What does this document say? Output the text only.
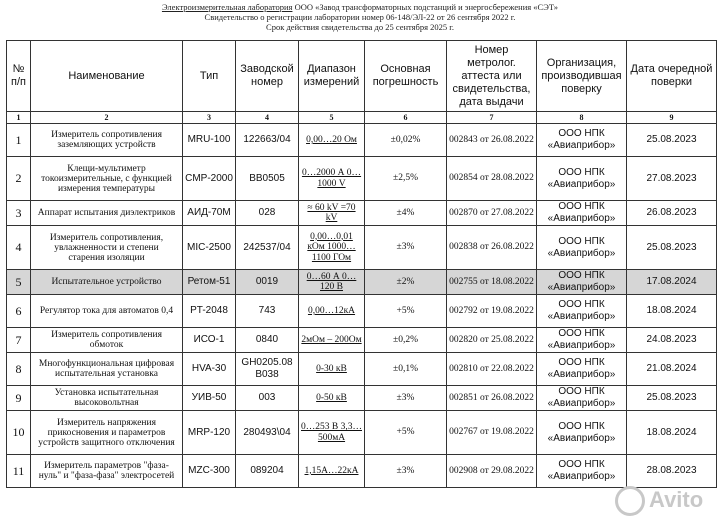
Электроизмерительная лаборатория ООО «Завод трансформаторных подстанций и энергосбережения «СЭТ»
Свидетельство о регистрации лаборатории номер 06-148/ЭЛ-22 от 26 сентября 2022 г.
Срок действия свидетельства до 25 сентября 2025 г.
№ п/п	Наименование	Тип	Заводской номер	Диапазон измерений	Основная погрешность	Номер метролог. аттеста или свидетельства, дата выдачи	Организация, производившая поверку	Дата очередной поверки
1	2	3	4	5	6	7	8	9
1	Измеритель сопротивления заземляющих устройств	MRU-100	122663/04	0,00…20 Ом	±0,02%	002843 от 26.08.2022	ООО НПК «Авиаприбор»	25.08.2023
2	Клещи-мультиметр токоизмерительные, с функцией измерения температуры	CMP-2000	BB0505	0…2000 А 0…1000 V	±2,5%	002854 от 28.08.2022	ООО НПК «Авиаприбор»	27.08.2023
3	Аппарат испытания диэлектриков	АИД-70М	028	≈ 60 kV =70 kV	±4%	002870 от 27.08.2022	ООО НПК «Авиаприбор»	26.08.2023
4	Измеритель сопротивления, увлажненности и степени старения изоляции	MIC-2500	242537/04	0,00…0,01 кОм 1000…1100 ГОм	±3%	002838 от 26.08.2022	ООО НПК «Авиаприбор»	25.08.2023
5	Испытательное устройство	Ретом-51	0019	0…60 А 0…120 В	±2%	002755 от 18.08.2022	ООО НПК «Авиаприбор»	17.08.2024
6	Регулятор тока для автоматов 0,4	PT-2048	743	0,00…12кА	+5%	002792 от 19.08.2022	ООО НПК «Авиаприбор»	18.08.2024
7	Измеритель сопротивления обмоток	ИСО-1	0840	2мОм – 200Ом	±0,2%	002820 от 25.08.2022	ООО НПК «Авиаприбор»	24.08.2023
8	Многофункциональная цифровая испытательная установка	HVA-30	GH0205.08 B038	0-30 кВ	±0,1%	002810 от 22.08.2022	ООО НПК «Авиаприбор»	21.08.2024
9	Установка испытательная высоковольтная	УИВ-50	003	0-50 кВ	±3%	002851 от 26.08.2022	ООО НПК «Авиаприбор»	25.08.2023
10	Измеритель напряжения прикосновения и параметров устройств защитного отключения	MRP-120	280493\04	0…253 В 3,3…500мА	+5%	002767 от 19.08.2022	ООО НПК «Авиаприбор»	18.08.2024
11	Измеритель параметров "фаза-нуль" и "фаза-фаза" электросетей	MZC-300	089204	1,15А…22кА	±3%	002908 от 29.08.2022	ООО НПК «Авиаприбор»	28.08.2023
Avito
